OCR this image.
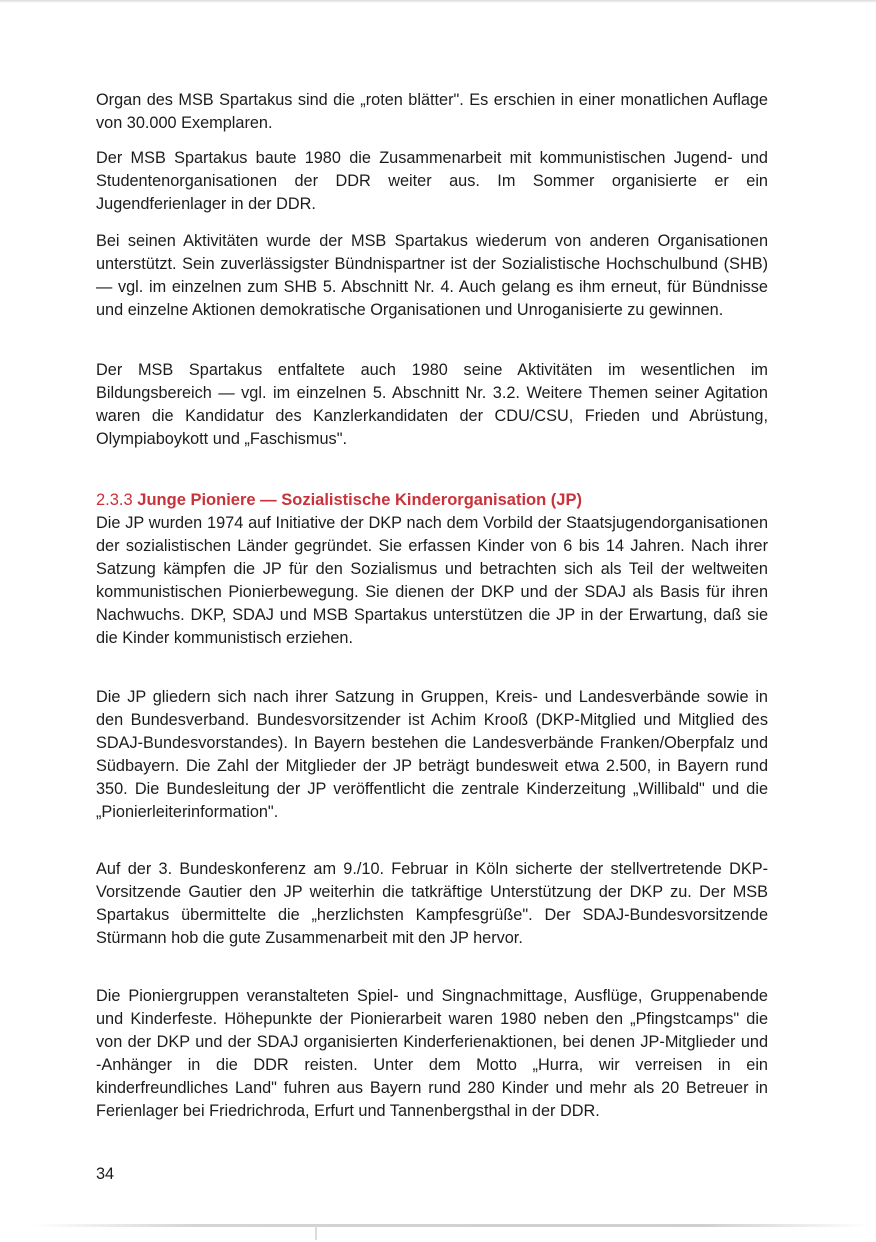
Organ des MSB Spartakus sind die „roten blätter". Es erschien in einer monatlichen Auflage von 30.000 Exemplaren.

Der MSB Spartakus baute 1980 die Zusammenarbeit mit kommunistischen Jugend- und Studentenorganisationen der DDR weiter aus. Im Sommer organisierte er ein Jugendferienlager in der DDR.

Bei seinen Aktivitäten wurde der MSB Spartakus wiederum von anderen Organisationen unterstützt. Sein zuverlässigster Bündnispartner ist der Sozialistische Hochschulbund (SHB) — vgl. im einzelnen zum SHB 5. Abschnitt Nr. 4. Auch gelang es ihm erneut, für Bündnisse und einzelne Aktionen demokratische Organisationen und Unroganisierte zu gewinnen.

Der MSB Spartakus entfaltete auch 1980 seine Aktivitäten im wesentlichen im Bildungsbereich — vgl. im einzelnen 5. Abschnitt Nr. 3.2. Weitere Themen seiner Agitation waren die Kandidatur des Kanzlerkandidaten der CDU/CSU, Frieden und Abrüstung, Olympiaboykott und „Faschismus".

2.3.3 Junge Pioniere — Sozialistische Kinderorganisation (JP)

Die JP wurden 1974 auf Initiative der DKP nach dem Vorbild der Staatsjugendorganisationen der sozialistischen Länder gegründet. Sie erfassen Kinder von 6 bis 14 Jahren. Nach ihrer Satzung kämpfen die JP für den Sozialismus und betrachten sich als Teil der weltweiten kommunistischen Pionierbewegung. Sie dienen der DKP und der SDAJ als Basis für ihren Nachwuchs. DKP, SDAJ und MSB Spartakus unterstützen die JP in der Erwartung, daß sie die Kinder kommunistisch erziehen.

Die JP gliedern sich nach ihrer Satzung in Gruppen, Kreis- und Landesverbände sowie in den Bundesverband. Bundesvorsitzender ist Achim Krooß (DKP-Mitglied und Mitglied des SDAJ-Bundesvorstandes). In Bayern bestehen die Landesverbände Franken/Oberpfalz und Südbayern. Die Zahl der Mitglieder der JP beträgt bundesweit etwa 2.500, in Bayern rund 350. Die Bundesleitung der JP veröffentlicht die zentrale Kinderzeitung „Willibald" und die „Pionierleiterinformation".

Auf der 3. Bundeskonferenz am 9./10. Februar in Köln sicherte der stellvertretende DKP-Vorsitzende Gautier den JP weiterhin die tatkräftige Unterstützung der DKP zu. Der MSB Spartakus übermittelte die „herzlichsten Kampfesgrüße". Der SDAJ-Bundesvorsitzende Stürmann hob die gute Zusammenarbeit mit den JP hervor.

Die Pioniergruppen veranstalteten Spiel- und Singnachmittage, Ausflüge, Gruppenabende und Kinderfeste. Höhepunkte der Pionierarbeit waren 1980 neben den „Pfingstcamps" die von der DKP und der SDAJ organisierten Kinderferienaktionen, bei denen JP-Mitglieder und -Anhänger in die DDR reisten. Unter dem Motto „Hurra, wir verreisen in ein kinderfreundliches Land" fuhren aus Bayern rund 280 Kinder und mehr als 20 Betreuer in Ferienlager bei Friedrichroda, Erfurt und Tannenbergsthal in der DDR.

34
